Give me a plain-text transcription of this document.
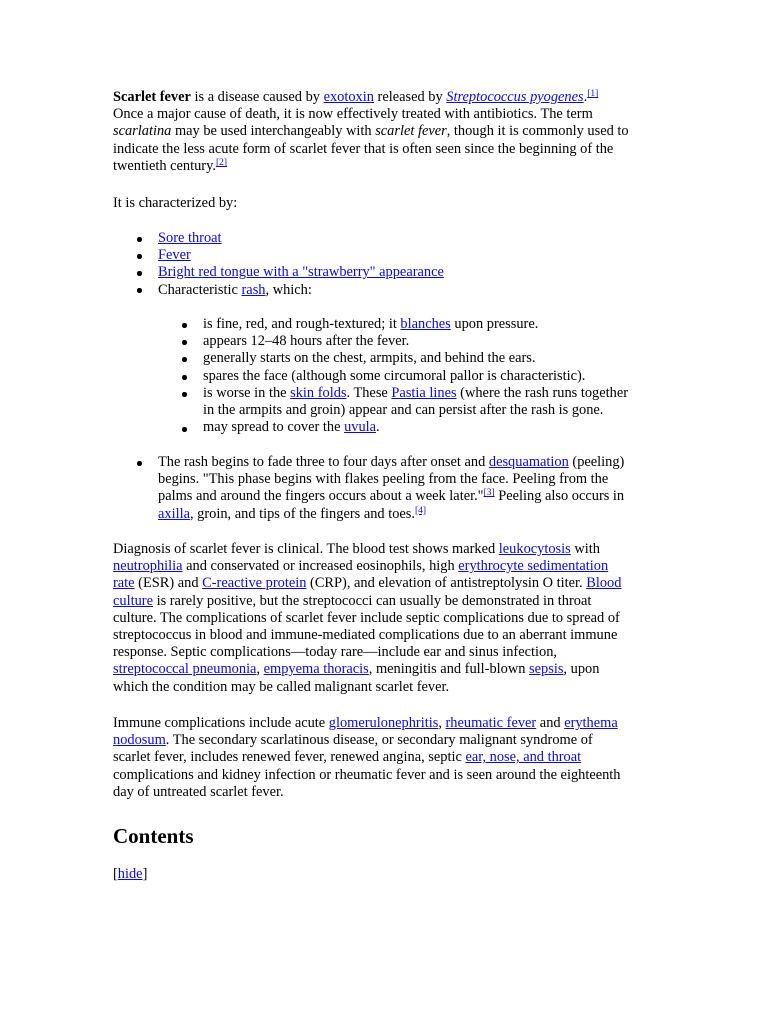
Scarlet fever is a disease caused by exotoxin released by Streptococcus pyogenes.[1]
Once a major cause of death, it is now effectively treated with antibiotics. The term
scarlatina may be used interchangeably with scarlet fever, though it is commonly used to
indicate the less acute form of scarlet fever that is often seen since the beginning of the
twentieth century.[2]
It is characterized by:
Sore throat
Fever
Bright red tongue with a "strawberry" appearance
Characteristic rash, which:
is fine, red, and rough-textured; it blanches upon pressure.
appears 12–48 hours after the fever.
generally starts on the chest, armpits, and behind the ears.
spares the face (although some circumoral pallor is characteristic).
is worse in the skin folds. These Pastia lines (where the rash runs together
in the armpits and groin) appear and can persist after the rash is gone.
may spread to cover the uvula.
The rash begins to fade three to four days after onset and desquamation (peeling)
begins. "This phase begins with flakes peeling from the face. Peeling from the
palms and around the fingers occurs about a week later."[3] Peeling also occurs in
axilla, groin, and tips of the fingers and toes.[4]
Diagnosis of scarlet fever is clinical. The blood test shows marked leukocytosis with
neutrophilia and conservated or increased eosinophils, high erythrocyte sedimentation
rate (ESR) and C-reactive protein (CRP), and elevation of antistreptolysin O titer. Blood
culture is rarely positive, but the streptococci can usually be demonstrated in throat
culture. The complications of scarlet fever include septic complications due to spread of
streptococcus in blood and immune-mediated complications due to an aberrant immune
response. Septic complications—today rare—include ear and sinus infection,
streptococcal pneumonia, empyema thoracis, meningitis and full-blown sepsis, upon
which the condition may be called malignant scarlet fever.
Immune complications include acute glomerulonephritis, rheumatic fever and erythema
nodosum. The secondary scarlatinous disease, or secondary malignant syndrome of
scarlet fever, includes renewed fever, renewed angina, septic ear, nose, and throat
complications and kidney infection or rheumatic fever and is seen around the eighteenth
day of untreated scarlet fever.
Contents
[hide]
